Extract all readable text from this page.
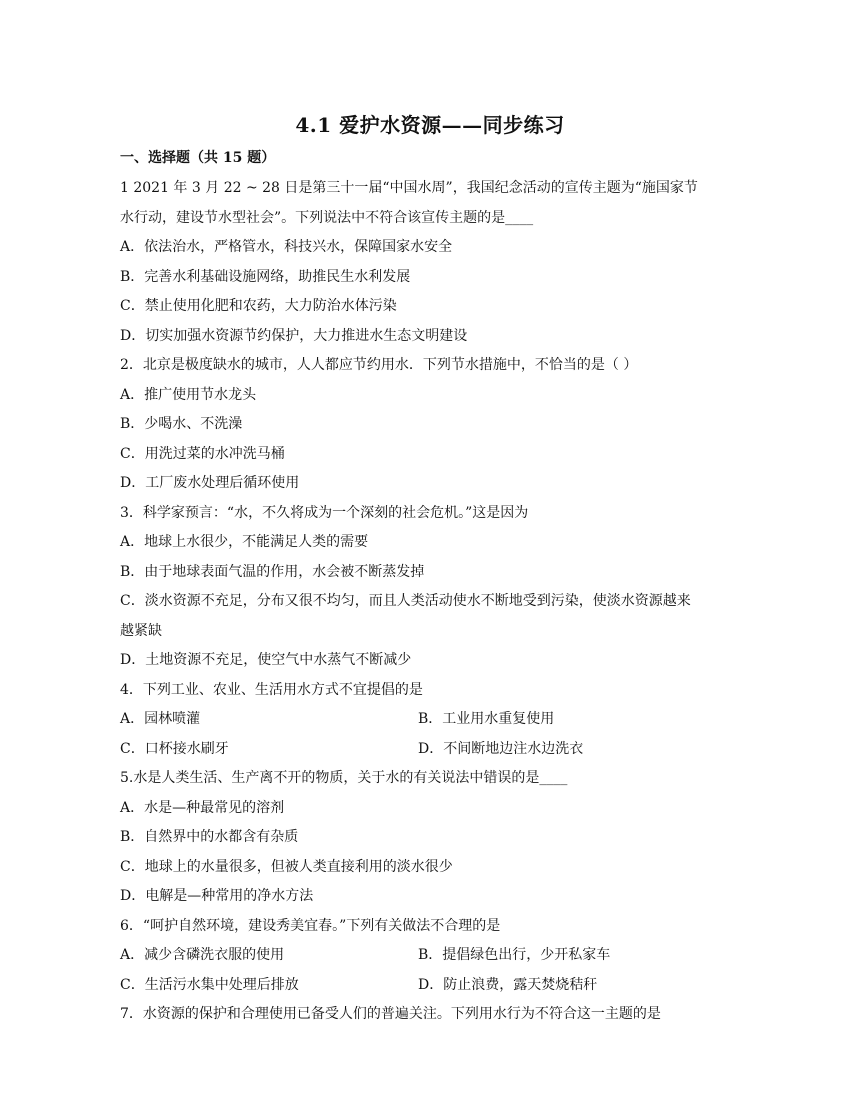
4.1 爱护水资源——同步练习
一、选择题（共 15 题）
1 2021 年 3 月 22 ~ 28 日是第三十一届“中国水周”，我国纪念活动的宣传主题为“施国家节
水行动，建设节水型社会”。下列说法中不符合该宣传主题的是____
A．依法治水，严格管水，科技兴水，保障国家水安全
B．完善水利基础设施网络，助推民生水利发展
C．禁止使用化肥和农药，大力防治水体污染
D．切实加强水资源节约保护，大力推进水生态文明建设
2．北京是极度缺水的城市，人人都应节约用水．下列节水措施中，不恰当的是（ ）
A．推广使用节水龙头
B．少喝水、不洗澡
C．用洗过菜的水冲洗马桶
D．工厂废水处理后循环使用
3．科学家预言：“水，不久将成为一个深刻的社会危机。”这是因为
A．地球上水很少，不能满足人类的需要
B．由于地球表面气温的作用，水会被不断蒸发掉
C．淡水资源不充足，分布又很不均匀，而且人类活动使水不断地受到污染，使淡水资源越来
越紧缺
D．土地资源不充足，使空气中水蒸气不断减少
4．下列工业、农业、生活用水方式不宜提倡的是
A．园林喷灌	B．工业用水重复使用
C．口杯接水刷牙	D．不间断地边注水边洗衣
5.水是人类生活、生产离不开的物质，关于水的有关说法中错误的是____
A．水是—种最常见的溶剂
B．自然界中的水都含有杂质
C．地球上的水量很多，但被人类直接利用的淡水很少
D．电解是—种常用的净水方法
6．“呵护自然环境，建设秀美宜春。”下列有关做法不合理的是
A．减少含磷洗衣服的使用	B．提倡绿色出行，少开私家车
C．生活污水集中处理后排放	D．防止浪费，露天焚烧秸秆
7．水资源的保护和合理使用已备受人们的普遍关注。下列用水行为不符合这一主题的是
